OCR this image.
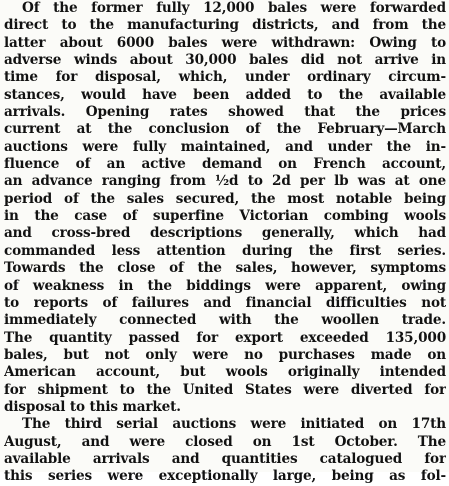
Of the former fully 12,000 bales were forwarded
direct to the manufacturing districts, and from the
latter about 6000 bales were withdrawn: Owing to
adverse winds about 30,000 bales did not arrive in
time for disposal, which, under ordinary circum-
stances, would have been added to the available
arrivals. Opening rates showed that the prices
current at the conclusion of the February—March
auctions were fully maintained, and under the in-
fluence of an active demand on French account,
an advance ranging from ½d to 2d per lb was at one
period of the sales secured, the most notable being
in the case of superfine Victorian combing wools
and cross-bred descriptions generally, which had
commanded less attention during the first series.
Towards the close of the sales, however, symptoms
of weakness in the biddings were apparent, owing
to reports of failures and financial difficulties not
immediately connected with the woollen trade.
The quantity passed for export exceeded 135,000
bales, but not only were no purchases made on
American account, but wools originally intended
for shipment to the United States were diverted for
disposal to this market.
The third serial auctions were initiated on 17th
August, and were closed on 1st October. The
available arrivals and quantities catalogued for
this series were exceptionally large, being as fol-
